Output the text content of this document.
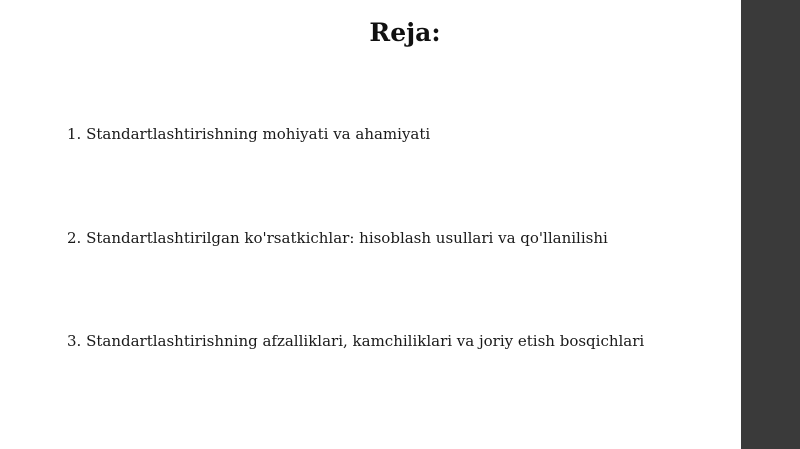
Reja:
1. Standartlashtirishning mohiyati va ahamiyati
2. Standartlashtirilgan ko'rsatkichlar: hisoblash usullari va qo'llanilishi
3. Standartlashtirishning afzalliklari, kamchiliklari va joriy etish bosqichlari
